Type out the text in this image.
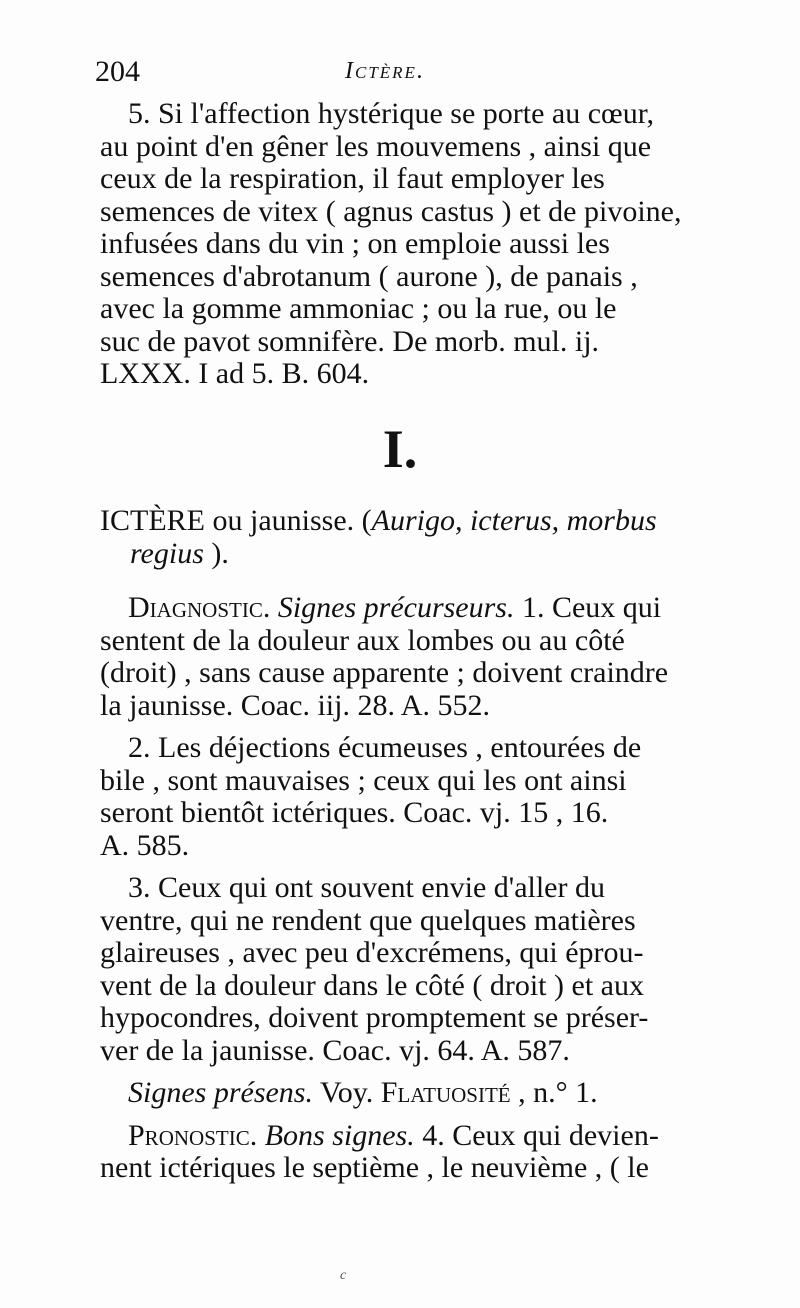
204	Ictère.

5. Si l'affection hystérique se porte au cœur,

au point d'en gêner les mouvemens , ainsi que

ceux de la respiration, il faut employer les

semences de vitex ( agnus castus ) et de pivoine,

infusées dans du vin ; on emploie aussi les

semences d'abrotanum ( aurone ), de panais ,

avec la gomme ammoniac ; ou la rue, ou le

suc de pavot somnifère. De morb. mul. ij.

LXXX. I ad 5. B. 604.

I.

ICTÈRE ou jaunisse. (Aurigo, icterus, morbus

regius ).

Diagnostic. Signes précurseurs. 1. Ceux qui

sentent de la douleur aux lombes ou au côté

(droit) , sans cause apparente ; doivent craindre

la jaunisse. Coac. iij. 28. A. 552.

2. Les déjections écumeuses , entourées de

bile , sont mauvaises ; ceux qui les ont ainsi

seront bientôt ictériques. Coac. vj. 15 , 16.

A. 585.

3. Ceux qui ont souvent envie d'aller du

ventre, qui ne rendent que quelques matières

glaireuses , avec peu d'excrémens, qui éprou-

vent de la douleur dans le côté ( droit ) et aux

hypocondres, doivent promptement se préser-

ver de la jaunisse. Coac. vj. 64. A. 587.

Signes présens. Voy. Flatuosité , n.° 1.

Pronostic. Bons signes. 4. Ceux qui devien-

nent ictériques le septième , le neuvième , ( le

c
